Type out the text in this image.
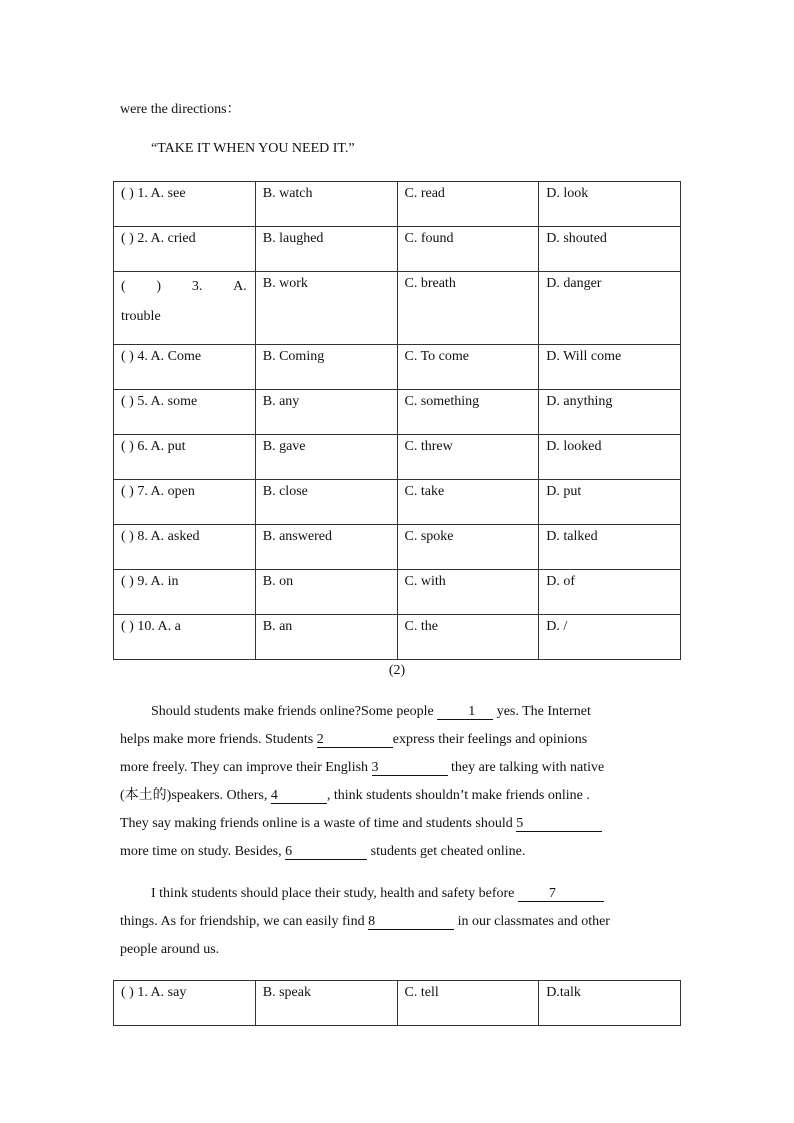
were the directions：
“TAKE IT WHEN YOU NEED IT.”
( ) 1. A. see	B. watch	C. read	D. look
( ) 2. A. cried	B. laughed	C. found	D. shouted

( ) 3. A.
trouble	B. work	C. breath	D. danger
( ) 4. A. Come	B. Coming	C. To come	D. Will come
( ) 5. A. some	B. any	C. something	D. anything
( ) 6. A. put	B. gave	C. threw	D. looked
( ) 7. A. open	B. close	C. take	D. put
( ) 8. A. asked	B. answered	C. spoke	D. talked
( ) 9. A. in	B. on	C. with	D. of
( ) 10. A. a	B. an	C. the	D. /
(2)

Should students make friends online?Some people 1 yes. The Internet

helps make more friends. Students 2	express their feelings and opinions

more freely. They can improve their English 3	they are talking with native

(本土的)speakers. Others, 4	, think students shouldn’t make friends online .

They say making friends online is a waste of time and students should 5

more time on study. Besides, 6	students get cheated online.

I think students should place their study, health and safety before 7

things. As for friendship, we can easily find 8	in our classmates and other

people around us.

( ) 1. A. say	B. speak	C. tell	D.talk
